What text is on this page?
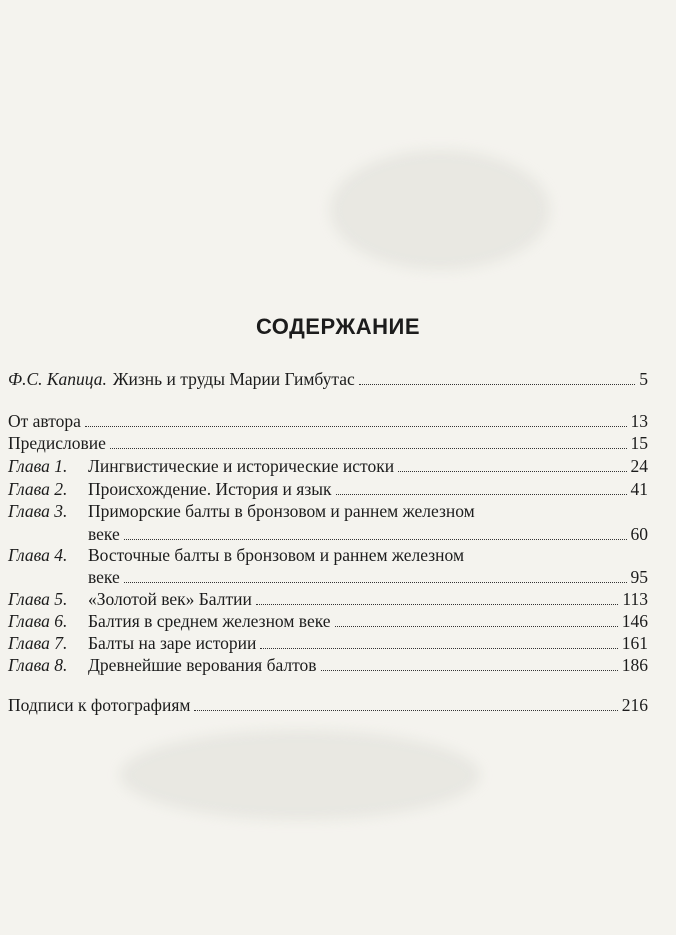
СОДЕРЖАНИЕ
Ф.С. Капица. Жизнь и труды Марии Гимбутас	5
От автора	13
Предисловие	15
Глава 1.	Лингвистические и исторические истоки	24
Глава 2.	Происхождение. История и язык	41
Глава 3.	Приморские балты в бронзовом и раннем железном
веке	60
Глава 4.	Восточные балты в бронзовом и раннем железном
веке	95
Глава 5.	«Золотой век» Балтии	113
Глава 6.	Балтия в среднем железном веке	146
Глава 7.	Балты на заре истории	161
Глава 8.	Древнейшие верования балтов	186
Подписи к фотографиям	216
